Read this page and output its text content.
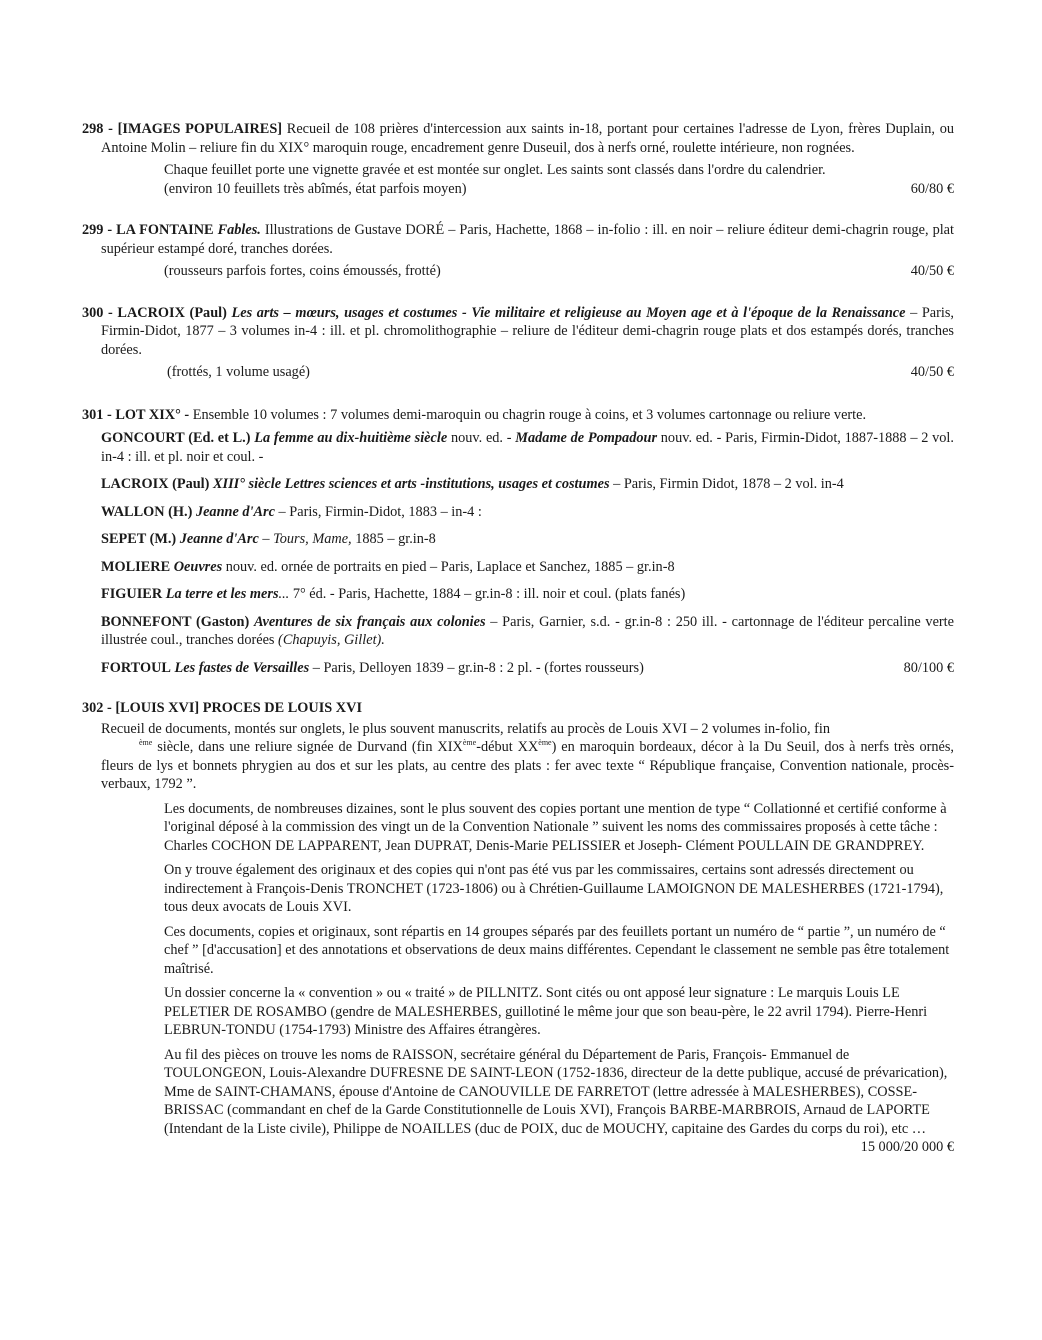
298 - [IMAGES POPULAIRES] Recueil de 108 prières d'intercession aux saints in-18, portant pour certaines l'adresse de Lyon, frères Duplain, ou Antoine Molin – reliure fin du XIX° maroquin rouge, encadrement genre Duseuil, dos à nerfs orné, roulette intérieure, non rognées.

Chaque feuillet porte une vignette gravée et est montée sur onglet. Les saints sont classés dans l'ordre du calendrier.

(environ 10 feuillets très abîmés, état parfois moyen)	60/80 €

299 - LA FONTAINE Fables. Illustrations de Gustave DORÉ – Paris, Hachette, 1868 – in-folio : ill. en noir – reliure éditeur demi-chagrin rouge, plat supérieur estampé doré, tranches dorées.

(rousseurs parfois fortes, coins émoussés, frotté)	40/50 €

300 - LACROIX (Paul) Les arts – mœurs, usages et costumes - Vie militaire et religieuse au Moyen age et à l'époque de la Renaissance – Paris, Firmin-Didot, 1877 – 3 volumes in-4 : ill. et pl. chromolithographie – reliure de l'éditeur demi-chagrin rouge plats et dos estampés dorés, tranches dorées.

(frottés, 1 volume usagé)	40/50 €

301 - LOT XIX° - Ensemble 10 volumes : 7 volumes demi-maroquin ou chagrin rouge à coins, et 3 volumes cartonnage ou reliure verte.

GONCOURT (Ed. et L.) La femme au dix-huitième siècle nouv. ed. - Madame de Pompadour nouv. ed. - Paris, Firmin-Didot, 1887-1888 – 2 vol. in-4 : ill. et pl. noir et coul. -

LACROIX (Paul) XIII° siècle Lettres sciences et arts -institutions, usages et costumes – Paris, Firmin Didot, 1878 – 2 vol. in-4

WALLON (H.) Jeanne d'Arc – Paris, Firmin-Didot, 1883 – in-4 :

SEPET (M.) Jeanne d'Arc – Tours, Mame, 1885 – gr.in-8

MOLIERE Oeuvres nouv. ed. ornée de portraits en pied – Paris, Laplace et Sanchez, 1885 – gr.in-8

FIGUIER La terre et les mers... 7° éd. - Paris, Hachette, 1884 – gr.in-8 : ill. noir et coul. (plats fanés)

BONNEFONT (Gaston) Aventures de six français aux colonies – Paris, Garnier, s.d. - gr.in-8 : 250 ill. - cartonnage de l'éditeur percaline verte illustrée coul., tranches dorées (Chapuyis, Gillet).

FORTOUL Les fastes de Versailles – Paris, Delloyen 1839 – gr.in-8 : 2 pl. - (fortes rousseurs)	80/100 €

302 - [LOUIS XVI] PROCES DE LOUIS XVI

Recueil de documents, montés sur onglets, le plus souvent manuscrits, relatifs au procès de Louis XVI – 2 volumes in-folio, fin
$^{ème}$ siècle, dans une reliure signée de Durvand (fin XIXème-début XXème) en maroquin bordeaux, décor à la Du Seuil, dos à nerfs très ornés, fleurs de lys et bonnets phrygien au dos et sur les plats, au centre des plats : fer avec texte “ République française, Convention nationale, procès-verbaux, 1792 ”.

Les documents, de nombreuses dizaines, sont le plus souvent des copies portant une mention de type “ Collationné et certifié conforme à l'original déposé à la commission des vingt un de la Convention Nationale ” suivent les noms des commissaires proposés à cette tâche : Charles COCHON DE LAPPARENT, Jean DUPRAT, Denis-Marie PELISSIER et Joseph- Clément POULLAIN DE GRANDPREY.

On y trouve également des originaux et des copies qui n'ont pas été vus par les commissaires, certains sont adressés directement ou indirectement à François-Denis TRONCHET (1723-1806) ou à Chrétien-Guillaume LAMOIGNON DE MALESHERBES (1721-1794), tous deux avocats de Louis XVI.

Ces documents, copies et originaux, sont répartis en 14 groupes séparés par des feuillets portant un numéro de “ partie ”, un numéro de “ chef ” [d'accusation] et des annotations et observations de deux mains différentes. Cependant le classement ne semble pas être totalement maîtrisé.

Un dossier concerne la « convention » ou « traité » de PILLNITZ. Sont cités ou ont apposé leur signature : Le marquis Louis LE PELETIER DE ROSAMBO (gendre de MALESHERBES, guillotiné le même jour que son beau-père, le 22 avril 1794). Pierre-Henri LEBRUN-TONDU (1754-1793) Ministre des Affaires étrangères.

Au fil des pièces on trouve les noms de RAISSON, secrétaire général du Département de Paris, François- Emmanuel de TOULONGEON, Louis-Alexandre DUFRESNE DE SAINT-LEON (1752-1836, directeur de la dette publique, accusé de prévarication), Mme de SAINT-CHAMANS, épouse d'Antoine de CANOUVILLE DE FARRETOT (lettre adressée à MALESHERBES), COSSE-BRISSAC (commandant en chef de la Garde Constitutionnelle de Louis XVI), François BARBE-MARBROIS, Arnaud de LAPORTE (Intendant de la Liste civile), Philippe de NOAILLES (duc de POIX, duc de MOUCHY, capitaine des Gardes du corps du roi), etc …
15 000/20 000 €
